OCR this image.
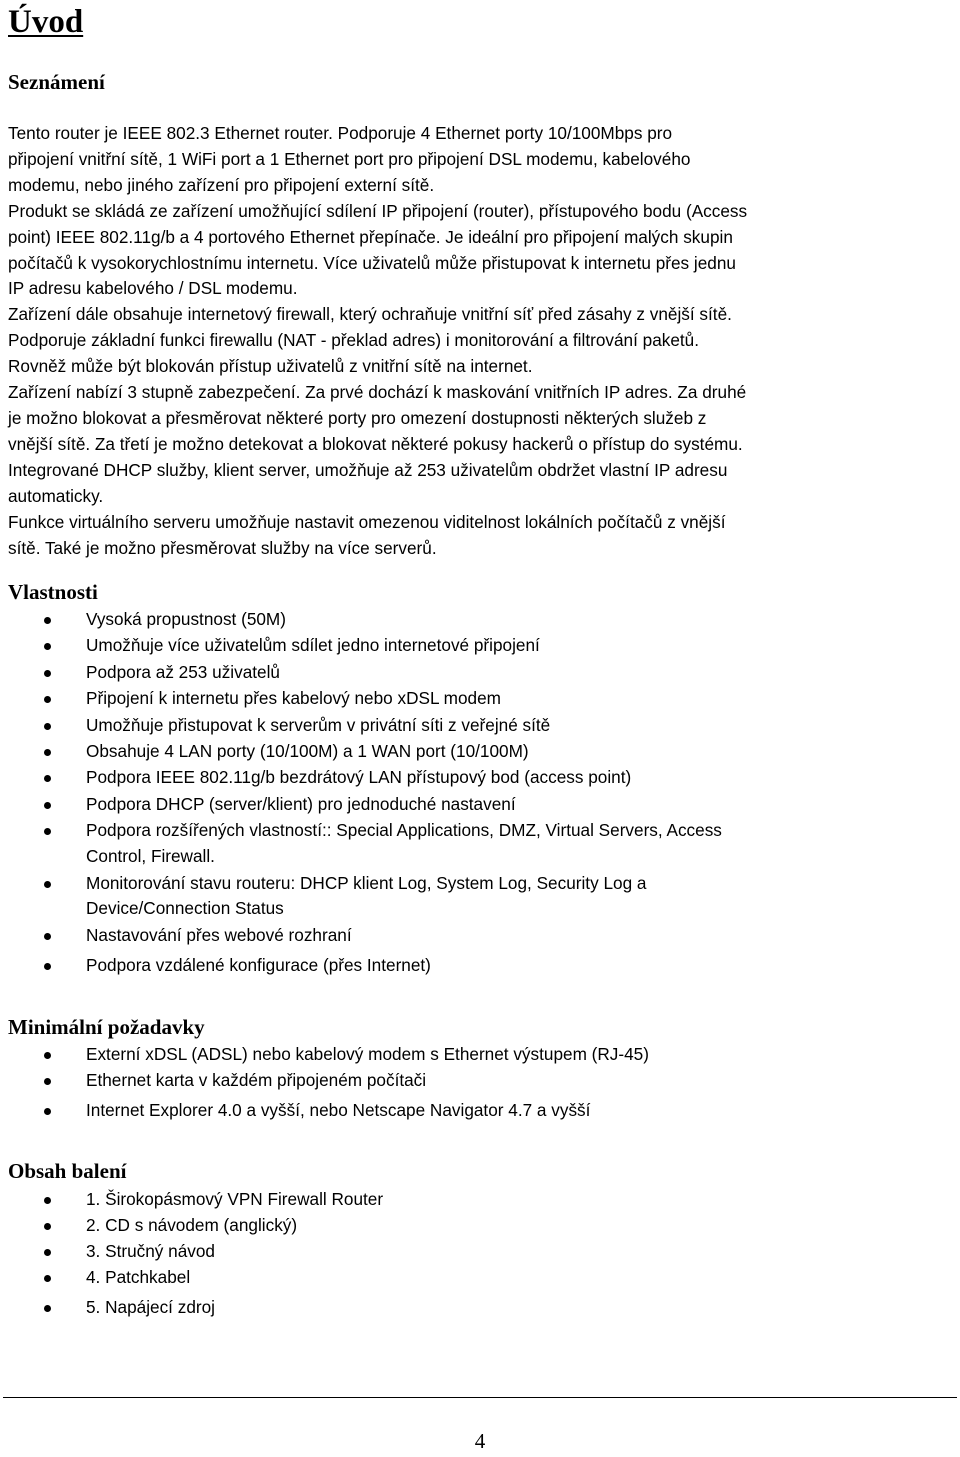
Úvod
Seznámení
Tento router je IEEE 802.3 Ethernet router. Podporuje 4 Ethernet porty 10/100Mbps pro
připojení vnitřní sítě, 1 WiFi port a 1 Ethernet port pro připojení DSL modemu, kabelového
modemu, nebo jiného zařízení pro připojení externí sítě.
Produkt se skládá ze zařízení umožňující sdílení IP připojení (router), přístupového bodu (Access
point) IEEE 802.11g/b a 4 portového Ethernet přepínače. Je ideální pro připojení malých skupin
počítačů k vysokorychlostnímu internetu. Více uživatelů může přistupovat k internetu přes jednu
IP adresu kabelového / DSL modemu.
Zařízení dále obsahuje internetový firewall, který ochraňuje vnitřní síť před zásahy z vnější sítě.
Podporuje základní funkci firewallu (NAT - překlad adres) i monitorování a filtrování paketů.
Rovněž může být blokován přístup uživatelů z vnitřní sítě na internet.
Zařízení nabízí 3 stupně zabezpečení. Za prvé dochází k maskování vnitřních IP adres. Za druhé
je možno blokovat a přesměrovat některé porty pro omezení dostupnosti některých služeb z
vnější sítě. Za třetí je možno detekovat a blokovat některé pokusy hackerů o přístup do systému.
Integrované DHCP služby, klient server, umožňuje až 253 uživatelům obdržet vlastní IP adresu
automaticky.
Funkce virtuálního serveru umožňuje nastavit omezenou viditelnost lokálních počítačů z vnější
sítě. Také je možno přesměrovat služby na více serverů.
Vlastnosti
Vysoká propustnost (50M)
Umožňuje více uživatelům sdílet jedno internetové připojení
Podpora až 253 uživatelů
Připojení k internetu přes kabelový nebo xDSL modem
Umožňuje přistupovat k serverům v privátní síti z veřejné sítě
Obsahuje 4 LAN porty (10/100M) a 1 WAN port (10/100M)
Podpora IEEE 802.11g/b bezdrátový LAN přístupový bod (access point)
Podpora DHCP (server/klient) pro jednoduché nastavení
Podpora rozšířených vlastností:: Special Applications, DMZ, Virtual Servers, Access
Control, Firewall.
Monitorování stavu routeru: DHCP klient Log, System Log, Security Log a
Device/Connection Status
Nastavování přes webové rozhraní
Podpora vzdálené konfigurace (přes Internet)
Minimální požadavky
Externí xDSL (ADSL) nebo kabelový modem s Ethernet výstupem (RJ-45)
Ethernet karta v každém připojeném počítači
Internet Explorer 4.0 a vyšší, nebo Netscape Navigator 4.7 a vyšší
Obsah balení
1. Širokopásmový VPN Firewall Router
2. CD s návodem (anglický)
3. Stručný návod
4. Patchkabel
5. Napájecí zdroj
4
